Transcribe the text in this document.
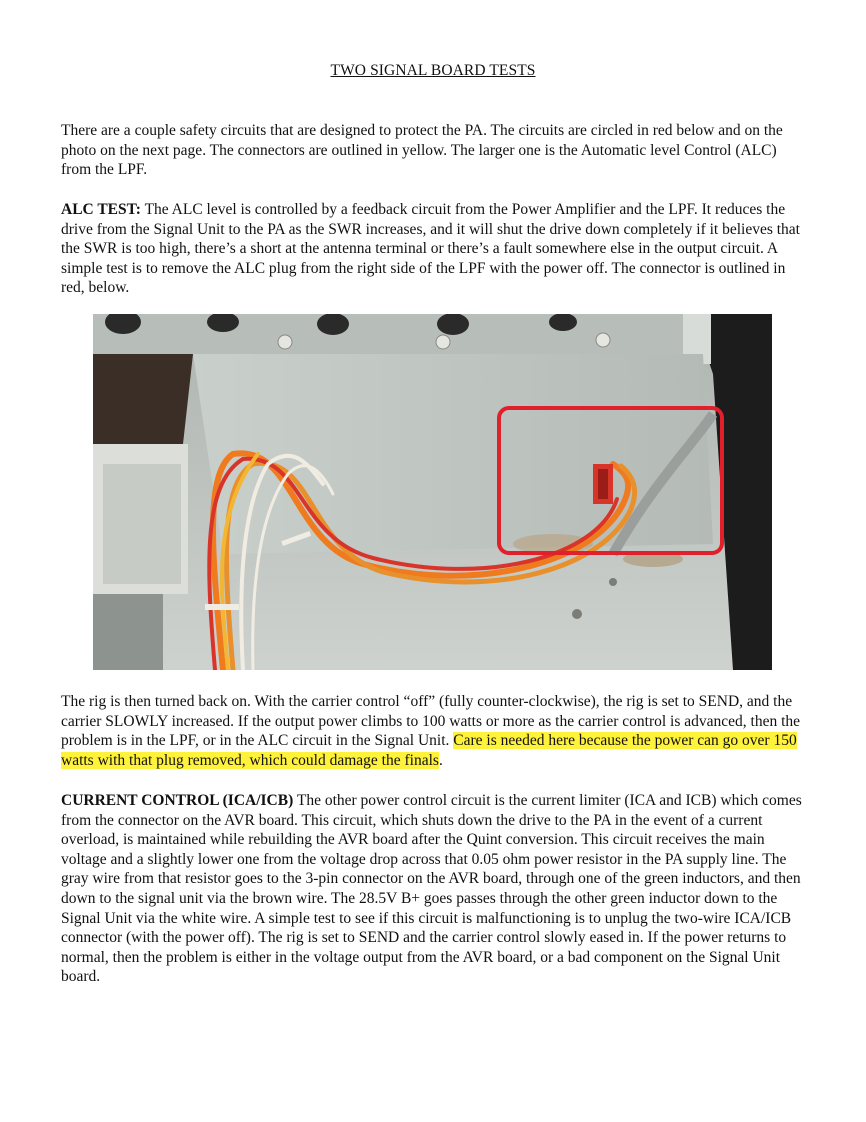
TWO SIGNAL BOARD TESTS

There are a couple safety circuits that are designed to protect the PA. The circuits are circled in red below and on the photo on the next page. The connectors are outlined in yellow. The larger one is the Automatic level Control (ALC) from the LPF.

ALC TEST: The ALC level is controlled by a feedback circuit from the Power Amplifier and the LPF. It reduces the drive from the Signal Unit to the PA as the SWR increases, and it will shut the drive down completely if it believes that the SWR is too high, there’s a short at the antenna terminal or there’s a fault somewhere else in the output circuit. A simple test is to remove the ALC plug from the right side of the LPF with the power off. The connector is outlined in red, below.

The rig is then turned back on. With the carrier control “off” (fully counter-clockwise), the rig is set to SEND, and the carrier SLOWLY increased. If the output power climbs to 100 watts or more as the carrier control is advanced, then the problem is in the LPF, or in the ALC circuit in the Signal Unit. Care is needed here because the power can go over 150 watts with that plug removed, which could damage the finals.

CURRENT CONTROL (ICA/ICB) The other power control circuit is the current limiter (ICA and ICB) which comes from the connector on the AVR board. This circuit, which shuts down the drive to the PA in the event of a current overload, is maintained while rebuilding the AVR board after the Quint conversion. This circuit receives the main voltage and a slightly lower one from the voltage drop across that 0.05 ohm power resistor in the PA supply line. The gray wire from that resistor goes to the 3-pin connector on the AVR board, through one of the green inductors, and then down to the signal unit via the brown wire. The 28.5V B+ goes passes through the other green inductor down to the Signal Unit via the white wire. A simple test to see if this circuit is malfunctioning is to unplug the two-wire ICA/ICB connector (with the power off). The rig is set to SEND and the carrier control slowly eased in. If the power returns to normal, then the problem is either in the voltage output from the AVR board, or a bad component on the Signal Unit board.
